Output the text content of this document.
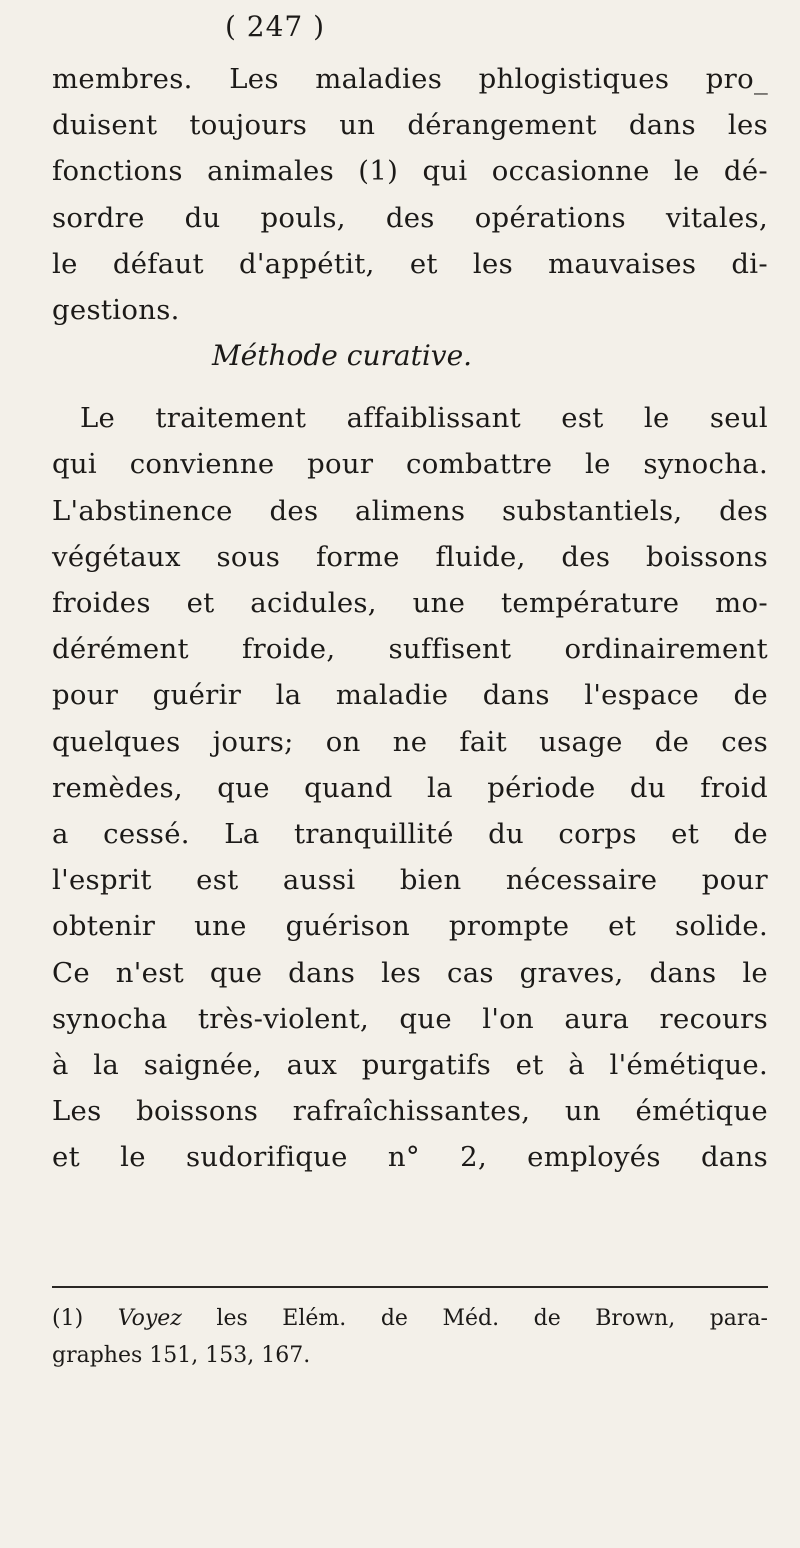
( 247 )
membres. Les maladies phlogistiques pro_
duisent toujours un dérangement dans les
fonctions animales (1) qui occasionne le dé-
sordre du pouls, des opérations vitales,
le défaut d'appétit, et les mauvaises di-
gestions.
Méthode curative.
Le traitement affaiblissant est le seul
qui convienne pour combattre le synocha.
L'abstinence des alimens substantiels, des
végétaux sous forme fluide, des boissons
froides et acidules, une température mo-
dérément froide, suffisent ordinairement
pour guérir la maladie dans l'espace de
quelques jours; on ne fait usage de ces
remèdes, que quand la période du froid
a cessé. La tranquillité du corps et de
l'esprit est aussi bien nécessaire pour
obtenir une guérison prompte et solide.
Ce n'est que dans les cas graves, dans le
synocha très-violent, que l'on aura recours
à la saignée, aux purgatifs et à l'émétique.
Les boissons rafraîchissantes, un émétique
et le sudorifique n° 2, employés dans
(1) Voyez les Elém. de Méd. de Brown, para-
graphes 151, 153, 167.
